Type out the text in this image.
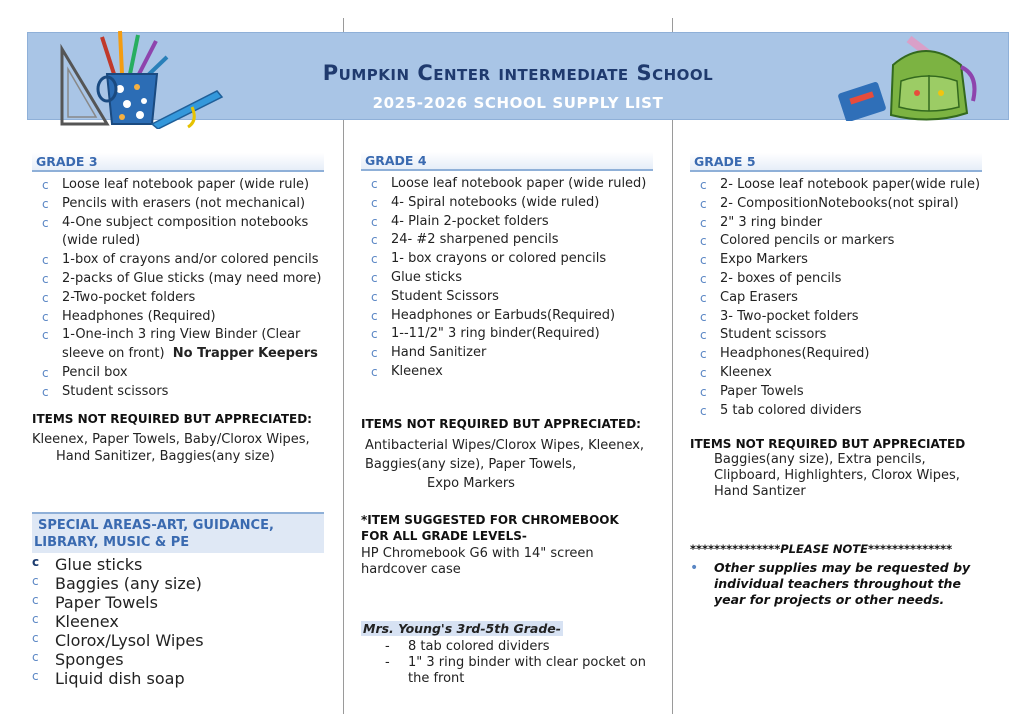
Pumpkin Center intermediate School
2025-2026 SCHOOL SUPPLY LIST
GRADE 3
c Loose leaf notebook paper (wide rule)
c Pencils with erasers (not mechanical)
c 4-One subject composition notebooks (wide ruled)
c 1-box of crayons and/or colored pencils
c 2-packs of Glue sticks (may need more)
c 2-Two-pocket folders
c Headphones (Required)
c 1-One-inch 3 ring View Binder (Clear sleeve on front) No Trapper Keepers
c Pencil box
c Student scissors
ITEMS NOT REQUIRED BUT APPRECIATED:
Kleenex, Paper Towels, Baby/Clorox Wipes,
Hand Sanitizer, Baggies(any size)
SPECIAL AREAS-ART, GUIDANCE,
LIBRARY, MUSIC & PE
c Glue sticks
c Baggies (any size)
c Paper Towels
c Kleenex
c Clorox/Lysol Wipes
c Sponges
c Liquid dish soap
GRADE 4
c Loose leaf notebook paper (wide ruled)
c 4- Spiral notebooks (wide ruled)
c 4- Plain 2-pocket folders
c 24- #2 sharpened pencils
c 1- box crayons or colored pencils
c Glue sticks
c Student Scissors
c Headphones or Earbuds(Required)
c 1--11/2" 3 ring binder(Required)
c Hand Sanitizer
c Kleenex
ITEMS NOT REQUIRED BUT APPRECIATED:
Antibacterial Wipes/Clorox Wipes, Kleenex,
Baggies(any size), Paper Towels,
Expo Markers
*ITEM SUGGESTED FOR CHROMEBOOK FOR ALL GRADE LEVELS-
HP Chromebook G6 with 14" screen hardcover case
Mrs. Young's 3rd-5th Grade-
- 8 tab colored dividers
- 1" 3 ring binder with clear pocket on the front
GRADE 5
c 2- Loose leaf notebook paper(wide rule)
c 2- CompositionNotebooks(not spiral)
c 2" 3 ring binder
c Colored pencils or markers
c Expo Markers
c 2- boxes of pencils
c Cap Erasers
c 3- Two-pocket folders
c Student scissors
c Headphones(Required)
c Kleenex
c Paper Towels
c 5 tab colored dividers
ITEMS NOT REQUIRED BUT APPRECIATED
Baggies(any size), Extra pencils,
Clipboard, Highlighters, Clorox Wipes,
Hand Santizer
***************PLEASE NOTE**************
•	Other supplies may be requested by individual teachers throughout the year for projects or other needs.
